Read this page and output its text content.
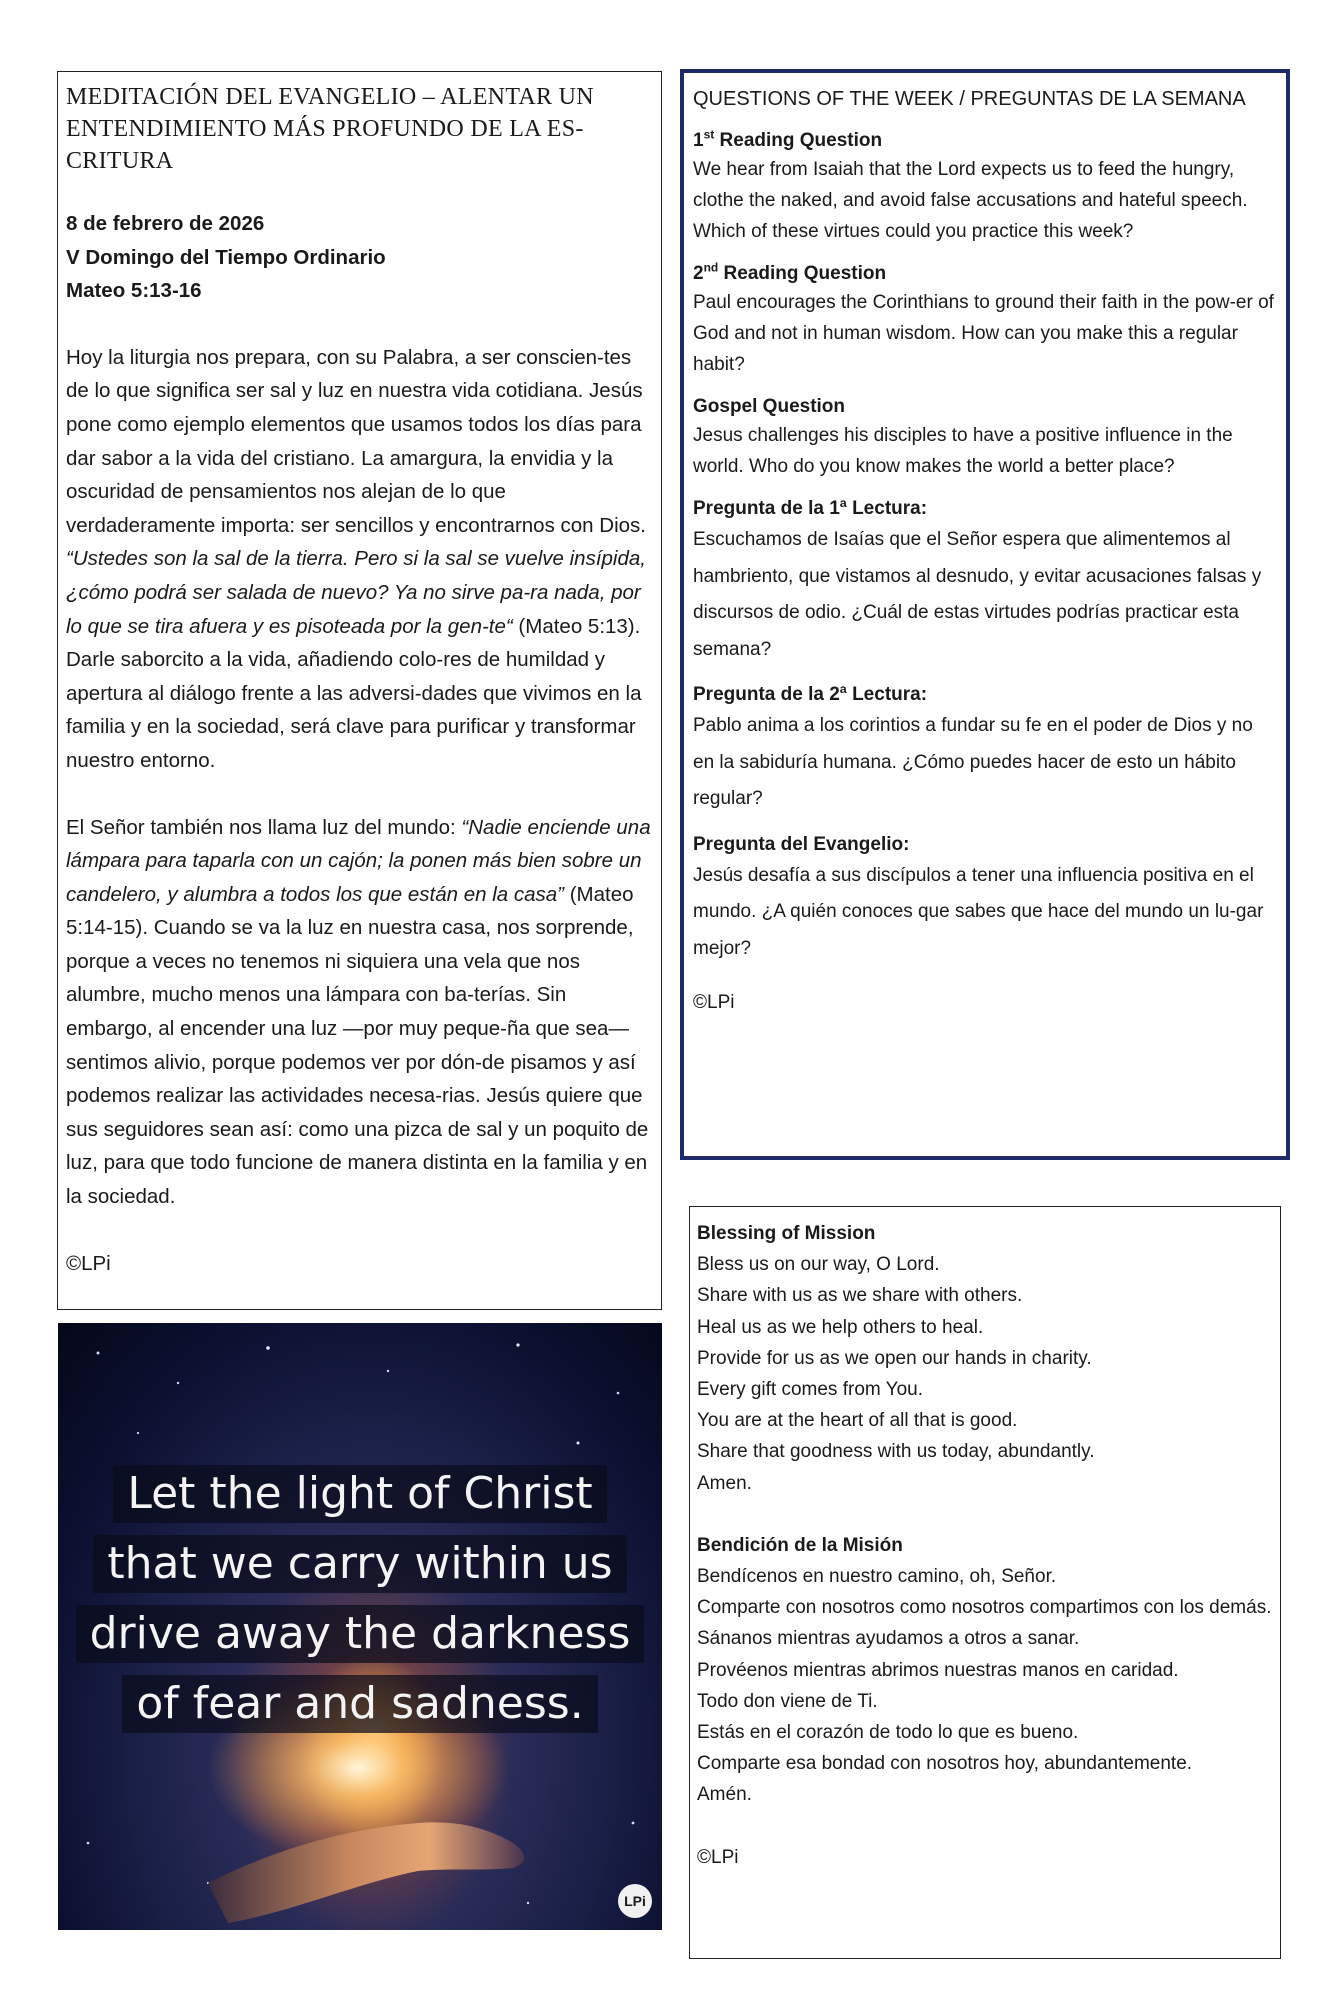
MEDITACIÓN DEL EVANGELIO – ALENTAR UN ENTENDIMIENTO MÁS PROFUNDO DE LA ES-CRITURA

8 de febrero de 2026

V Domingo del Tiempo Ordinario

Mateo 5:13-16

Hoy la liturgia nos prepara, con su Palabra, a ser conscien-tes de lo que significa ser sal y luz en nuestra vida cotidiana. Jesús pone como ejemplo elementos que usamos todos los días para dar sabor a la vida del cristiano. La amargura, la envidia y la oscuridad de pensamientos nos alejan de lo que verdaderamente importa: ser sencillos y encontrarnos con Dios. “Ustedes son la sal de la tierra. Pero si la sal se vuelve insípida, ¿cómo podrá ser salada de nuevo? Ya no sirve pa-ra nada, por lo que se tira afuera y es pisoteada por la gen-te“ (Mateo 5:13). Darle saborcito a la vida, añadiendo colo-res de humildad y apertura al diálogo frente a las adversi-dades que vivimos en la familia y en la sociedad, será clave para purificar y transformar nuestro entorno.

El Señor también nos llama luz del mundo: “Nadie enciende una lámpara para taparla con un cajón; la ponen más bien sobre un candelero, y alumbra a todos los que están en la casa” (Mateo 5:14-15). Cuando se va la luz en nuestra casa, nos sorprende, porque a veces no tenemos ni siquiera una vela que nos alumbre, mucho menos una lámpara con ba-terías. Sin embargo, al encender una luz —por muy peque-ña que sea— sentimos alivio, porque podemos ver por dón-de pisamos y así podemos realizar las actividades necesa-rias. Jesús quiere que sus seguidores sean así: como una pizca de sal y un poquito de luz, para que todo funcione de manera distinta en la familia y en la sociedad.

©LPi

QUESTIONS OF THE WEEK / PREGUNTAS DE LA SEMANA

1st Reading Question

We hear from Isaiah that the Lord expects us to feed the hungry, clothe the naked, and avoid false accusations and hateful speech. Which of these virtues could you practice this week?

2nd Reading Question

Paul encourages the Corinthians to ground their faith in the pow-er of God and not in human wisdom. How can you make this a regular habit?

Gospel Question

Jesus challenges his disciples to have a positive influence in the world. Who do you know makes the world a better place?

Pregunta de la 1ª Lectura:

Escuchamos de Isaías que el Señor espera que alimentemos al hambriento, que vistamos al desnudo, y evitar acusaciones falsas y discursos de odio. ¿Cuál de estas virtudes podrías practicar esta semana?

Pregunta de la 2ª Lectura:

Pablo anima a los corintios a fundar su fe en el poder de Dios y no en la sabiduría humana. ¿Cómo puedes hacer de esto un hábito regular?

Pregunta del Evangelio:

Jesús desafía a sus discípulos a tener una influencia positiva en el mundo. ¿A quién conoces que sabes que hace del mundo un lu-gar mejor?

©LPi

Blessing of Mission

Bless us on our way, O Lord.

Share with us as we share with others.

Heal us as we help others to heal.

Provide for us as we open our hands in charity.

Every gift comes from You.

You are at the heart of all that is good.

Share that goodness with us today, abundantly.

Amen.

Bendición de la Misión

Bendícenos en nuestro camino, oh, Señor.

Comparte con nosotros como nosotros compartimos con los demás.

Sánanos mientras ayudamos a otros a sanar.

Provéenos mientras abrimos nuestras manos en caridad.

Todo don viene de Ti.

Estás en el corazón de todo lo que es bueno.

Comparte esa bondad con nosotros hoy, abundantemente.

Amén.

©LPi

Let the light of Christ
that we carry within us
drive away the darkness
of fear and sadness.
LPi
